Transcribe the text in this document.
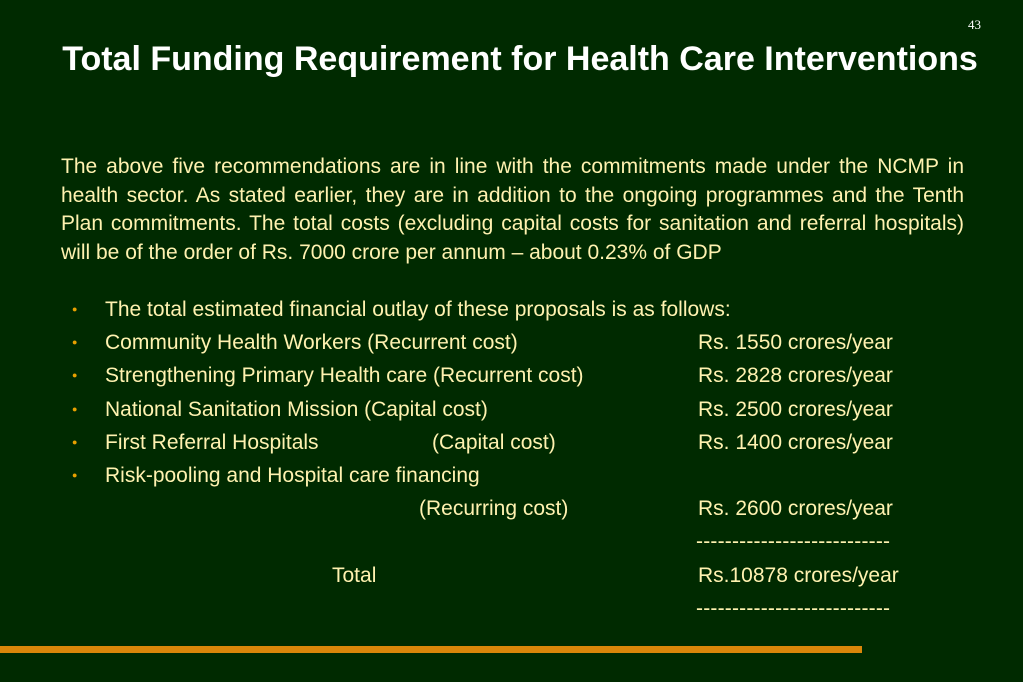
43
Total Funding Requirement for Health Care Interventions

The above five recommendations are in line with the commitments made under the NCMP in health sector. As stated earlier, they are in addition to the ongoing programmes and the Tenth Plan commitments. The total costs (excluding capital costs for sanitation and referral hospitals) will be of the order of Rs. 7000 crore per annum – about 0.23% of GDP

● The total estimated financial outlay of these proposals is as follows:
● Community Health Workers (Recurrent cost)	Rs. 1550 crores/year
● Strengthening Primary Health care (Recurrent cost)	Rs. 2828 crores/year
● National Sanitation Mission (Capital cost)	Rs. 2500 crores/year
● First Referral Hospitals	(Capital cost)	Rs. 1400 crores/year
● Risk-pooling and Hospital care financing
(Recurring cost)	Rs. 2600 crores/year
---------------------------
Total	Rs.10878 crores/year
---------------------------
